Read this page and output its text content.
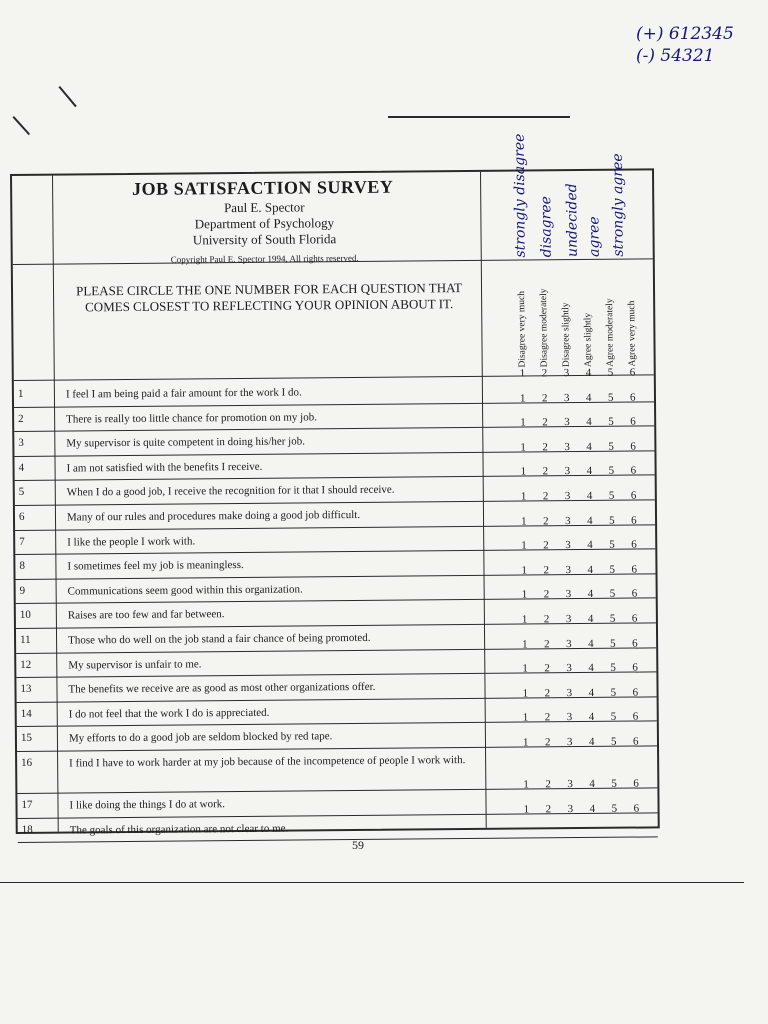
(+) 612345
(-) 54321
JOB SATISFACTION SURVEY
Paul E. Spector
Department of Psychology
University of South Florida
Copyright Paul E. Spector 1994, All rights reserved.
PLEASE CIRCLE THE ONE NUMBER FOR EACH QUESTION THAT COMES CLOSEST TO REFLECTING YOUR OPINION ABOUT IT.	Disagree very much Disagree moderately Disagree slightly Agree slightly Agree moderately Agree very much
strongly disagree disagree undecided agree strongly agree
1	I feel I am being paid a fair amount for the work I do.
1 2 3 4 5 6
2	There is really too little chance for promotion on my job.
1 2 3 4 5 6
3	My supervisor is quite competent in doing his/her job.
1 2 3 4 5 6
4	I am not satisfied with the benefits I receive.
1 2 3 4 5 6
5	When I do a good job, I receive the recognition for it that I should receive.
1 2 3 4 5 6
6	Many of our rules and procedures make doing a good job difficult.
1 2 3 4 5 6
7	I like the people I work with.
1 2 3 4 5 6
8	I sometimes feel my job is meaningless.
1 2 3 4 5 6
9	Communications seem good within this organization.
1 2 3 4 5 6
10	Raises are too few and far between.
1 2 3 4 5 6
11	Those who do well on the job stand a fair chance of being promoted.
1 2 3 4 5 6
12	My supervisor is unfair to me.
1 2 3 4 5 6
13	The benefits we receive are as good as most other organizations offer.
1 2 3 4 5 6
14	I do not feel that the work I do is appreciated.
1 2 3 4 5 6
15	My efforts to do a good job are seldom blocked by red tape.
1 2 3 4 5 6
16	I find I have to work harder at my job because of the incompetence of people I work with.
1 2 3 4 5 6
17	I like doing the things I do at work.
1 2 3 4 5 6
18	The goals of this organization are not clear to me.
1 2 3 4 5 6
59
